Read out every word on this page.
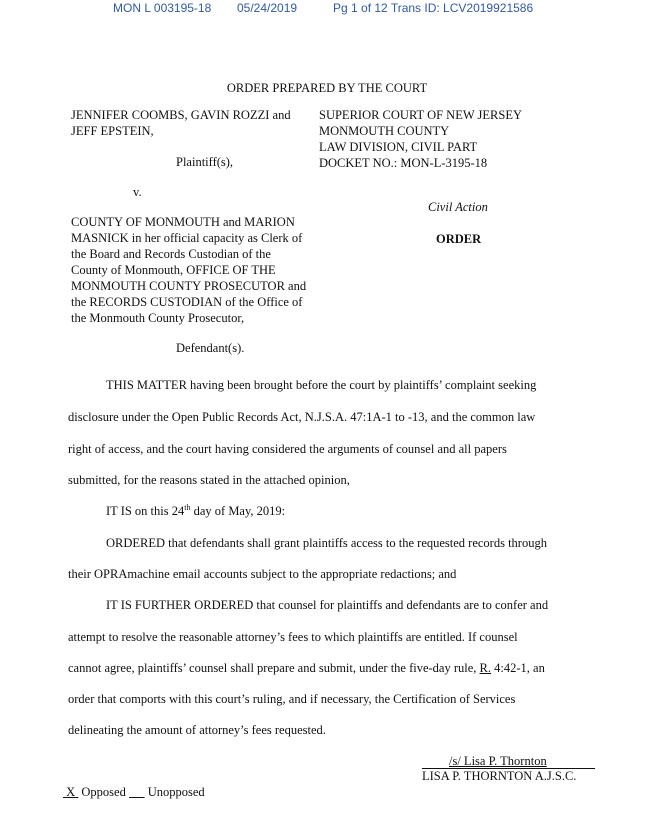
MON L 003195-18 05/24/2019	Pg 1 of 12 Trans ID: LCV2019921586
ORDER PREPARED BY THE COURT
JENNIFER COOMBS, GAVIN ROZZI and
JEFF EPSTEIN,
Plaintiff(s),
v.
COUNTY OF MONMOUTH and MARION
MASNICK in her official capacity as Clerk of
the Board and Records Custodian of the
County of Monmouth, OFFICE OF THE
MONMOUTH COUNTY PROSECUTOR and
the RECORDS CUSTODIAN of the Office of
the Monmouth County Prosecutor,
Defendant(s).
SUPERIOR COURT OF NEW JERSEY
MONMOUTH COUNTY
LAW DIVISION, CIVIL PART
DOCKET NO.: MON-L-3195-18
Civil Action
ORDER
THIS MATTER having been brought before the court by plaintiffs’ complaint seeking
disclosure under the Open Public Records Act, N.J.S.A. 47:1A-1 to -13, and the common law
right of access, and the court having considered the arguments of counsel and all papers
submitted, for the reasons stated in the attached opinion,
IT IS on this 24th day of May, 2019:
ORDERED that defendants shall grant plaintiffs access to the requested records through
their OPRAmachine email accounts subject to the appropriate redactions; and
IT IS FURTHER ORDERED that counsel for plaintiffs and defendants are to confer and
attempt to resolve the reasonable attorney’s fees to which plaintiffs are entitled. If counsel
cannot agree, plaintiffs’ counsel shall prepare and submit, under the five-day rule, R. 4:42-1, an
order that comports with this court’s ruling, and if necessary, the Certification of Services
delineating the amount of attorney’s fees requested.
/s/ Lisa P. Thornton
LISA P. THORNTON A.J.S.C.
X Opposed Unopposed
